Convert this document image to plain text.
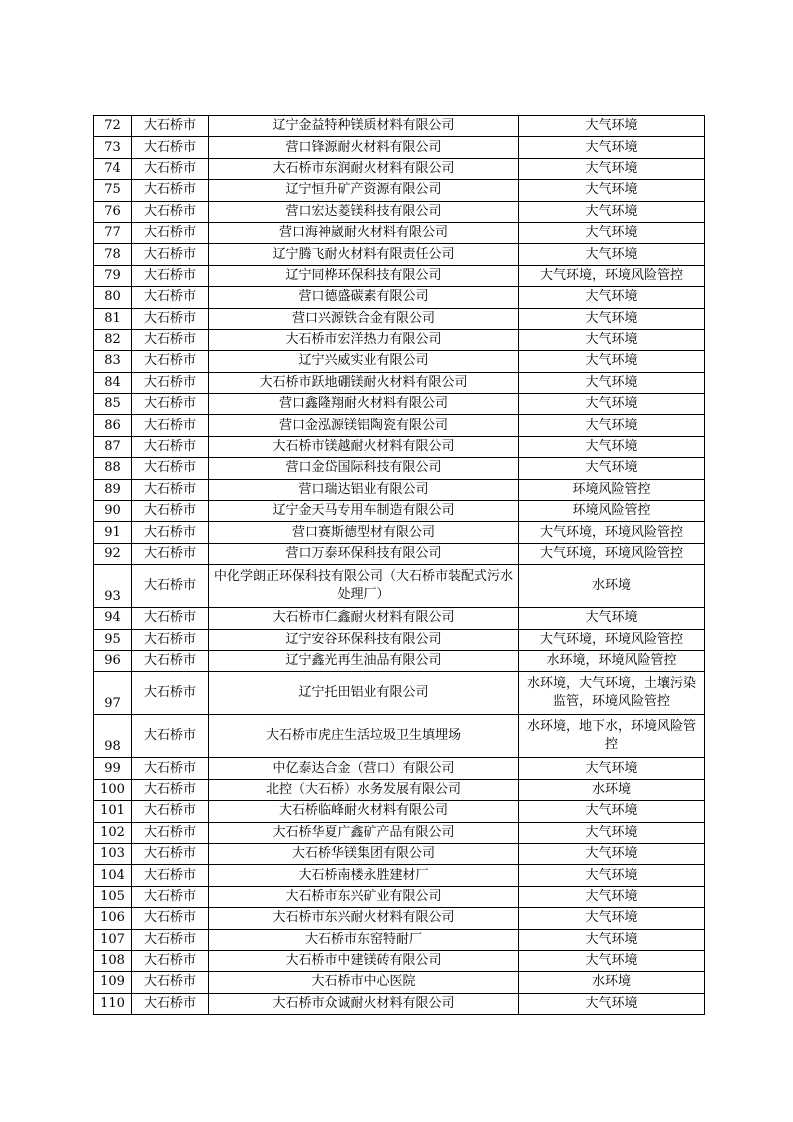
72	大石桥市	辽宁金益特种镁质材料有限公司	大气环境
73	大石桥市	营口锋源耐火材料有限公司	大气环境
74	大石桥市	大石桥市东润耐火材料有限公司	大气环境
75	大石桥市	辽宁恒升矿产资源有限公司	大气环境
76	大石桥市	营口宏达菱镁科技有限公司	大气环境
77	大石桥市	营口海神崴耐火材料有限公司	大气环境
78	大石桥市	辽宁腾飞耐火材料有限责任公司	大气环境
79	大石桥市	辽宁同桦环保科技有限公司	大气环境，环境风险管控
80	大石桥市	营口德盛碳素有限公司	大气环境
81	大石桥市	营口兴源铁合金有限公司	大气环境
82	大石桥市	大石桥市宏洋热力有限公司	大气环境
83	大石桥市	辽宁兴威实业有限公司	大气环境
84	大石桥市	大石桥市跃地硼镁耐火材料有限公司	大气环境
85	大石桥市	营口鑫隆翔耐火材料有限公司	大气环境
86	大石桥市	营口金泓源镁铝陶瓷有限公司	大气环境
87	大石桥市	大石桥市镁越耐火材料有限公司	大气环境
88	大石桥市	营口金岱国际科技有限公司	大气环境
89	大石桥市	营口瑞达铝业有限公司	环境风险管控
90	大石桥市	辽宁金天马专用车制造有限公司	环境风险管控
91	大石桥市	营口赛斯德型材有限公司	大气环境，环境风险管控
92	大石桥市	营口万泰环保科技有限公司	大气环境，环境风险管控
93	大石桥市	中化学朗正环保科技有限公司（大石桥市装配式污水处理厂）	水环境
94	大石桥市	大石桥市仁鑫耐火材料有限公司	大气环境
95	大石桥市	辽宁安谷环保科技有限公司	大气环境，环境风险管控
96	大石桥市	辽宁鑫光再生油品有限公司	水环境，环境风险管控
97	大石桥市	辽宁托田铝业有限公司	水环境，大气环境，土壤污染监管，环境风险管控
98	大石桥市	大石桥市虎庄生活垃圾卫生填埋场	水环境，地下水，环境风险管控
99	大石桥市	中亿泰达合金（营口）有限公司	大气环境
100	大石桥市	北控（大石桥）水务发展有限公司	水环境
101	大石桥市	大石桥临峰耐火材料有限公司	大气环境
102	大石桥市	大石桥华夏广鑫矿产品有限公司	大气环境
103	大石桥市	大石桥华镁集团有限公司	大气环境
104	大石桥市	大石桥南楼永胜建材厂	大气环境
105	大石桥市	大石桥市东兴矿业有限公司	大气环境
106	大石桥市	大石桥市东兴耐火材料有限公司	大气环境
107	大石桥市	大石桥市东窑特耐厂	大气环境
108	大石桥市	大石桥市中建镁砖有限公司	大气环境
109	大石桥市	大石桥市中心医院	水环境
110	大石桥市	大石桥市众诚耐火材料有限公司	大气环境
